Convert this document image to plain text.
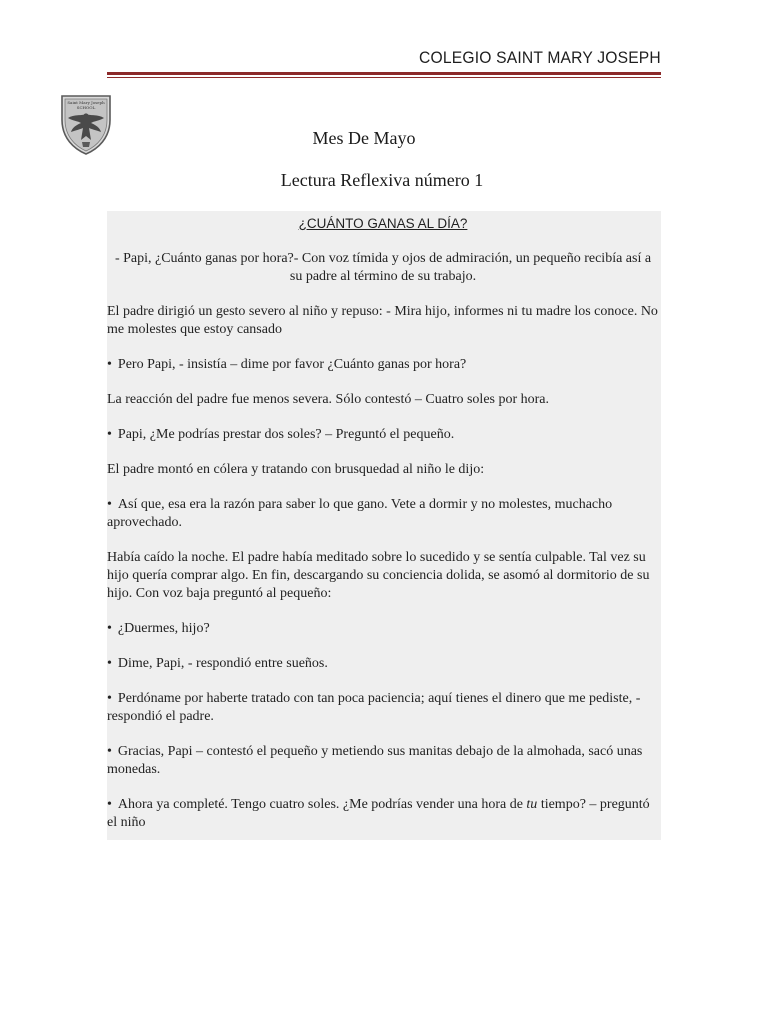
COLEGIO SAINT MARY JOSEPH
Saint Mary Joseph
SCHOOL
Mes De Mayo
Lectura Reflexiva número 1
¿CUÁNTO GANAS AL DÍA?

- Papi, ¿Cuánto ganas por hora?- Con voz tímida y ojos de admiración, un pequeño recibía así a su padre al término de su trabajo.

El padre dirigió un gesto severo al niño y repuso: - Mira hijo, informes ni tu madre los conoce. No me molestes que estoy cansado

• Pero Papi, - insistía – dime por favor ¿Cuánto ganas por hora?

La reacción del padre fue menos severa. Sólo contestó – Cuatro soles por hora.

• Papi, ¿Me podrías prestar dos soles? – Preguntó el pequeño.

El padre montó en cólera y tratando con brusquedad al niño le dijo:

• Así que, esa era la razón para saber lo que gano. Vete a dormir y no molestes, muchacho aprovechado.

Había caído la noche. El padre había meditado sobre lo sucedido y se sentía culpable. Tal vez su hijo quería comprar algo. En fin, descargando su conciencia dolida, se asomó al dormitorio de su hijo. Con voz baja preguntó al pequeño:

• ¿Duermes, hijo?

• Dime, Papi, - respondió entre sueños.

• Perdóname por haberte tratado con tan poca paciencia; aquí tienes el dinero que me pediste, - respondió el padre.

• Gracias, Papi – contestó el pequeño y metiendo sus manitas debajo de la almohada, sacó unas monedas.

• Ahora ya completé. Tengo cuatro soles. ¿Me podrías vender una hora de tu tiempo? – preguntó el niño
